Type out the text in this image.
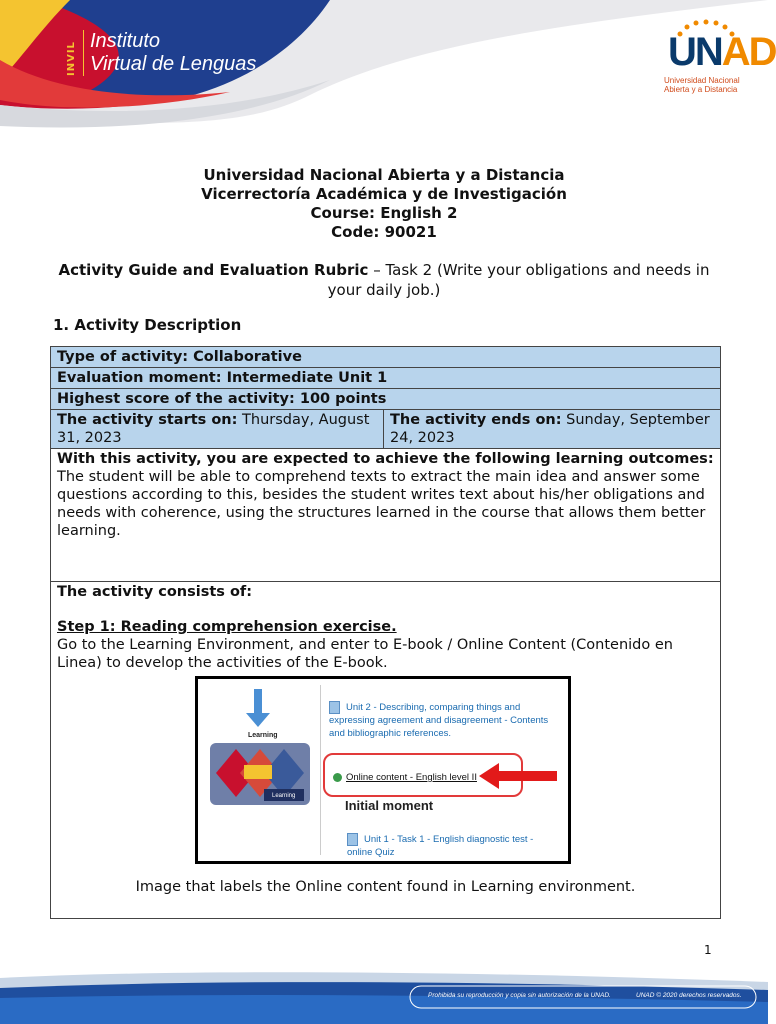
INVIL
Instituto
Virtual de Lenguas	UNAD
Universidad Nacional
Abierta y a Distancia
Universidad Nacional Abierta y a Distancia
Vicerrectoría Académica y de Investigación
Course: English 2
Code: 90021
Activity Guide and Evaluation Rubric – Task 2 (Write your obligations and needs in your daily job.)
1. Activity Description
Type of activity: Collaborative
Evaluation moment: Intermediate Unit 1
Highest score of the activity: 100 points
The activity starts on: Thursday, August 31, 2023
The activity ends on: Sunday, September 24, 2023
With this activity, you are expected to achieve the following learning outcomes:
The student will be able to comprehend texts to extract the main idea and answer some questions according to this, besides the student writes text about his/her obligations and needs with coherence, using the structures learned in the course that allows them better learning.
The activity consists of:
Step 1: Reading comprehension exercise.
Go to the Learning Environment, and enter to E-book / Online Content (Contenido en Linea) to develop the activities of the E-book.
Learning
Learning
Unit 2 - Describing, comparing things and expressing agreement and disagreement - Contents and bibliographic references.
Online content - English level II
Initial moment
Unit 1 - Task 1 - English diagnostic test - online Quiz
Image that labels the Online content found in Learning environment.
1
Prohibida su reproducción y copia sin autorización de la UNAD.	UNAD © 2020 derechos reservados.
